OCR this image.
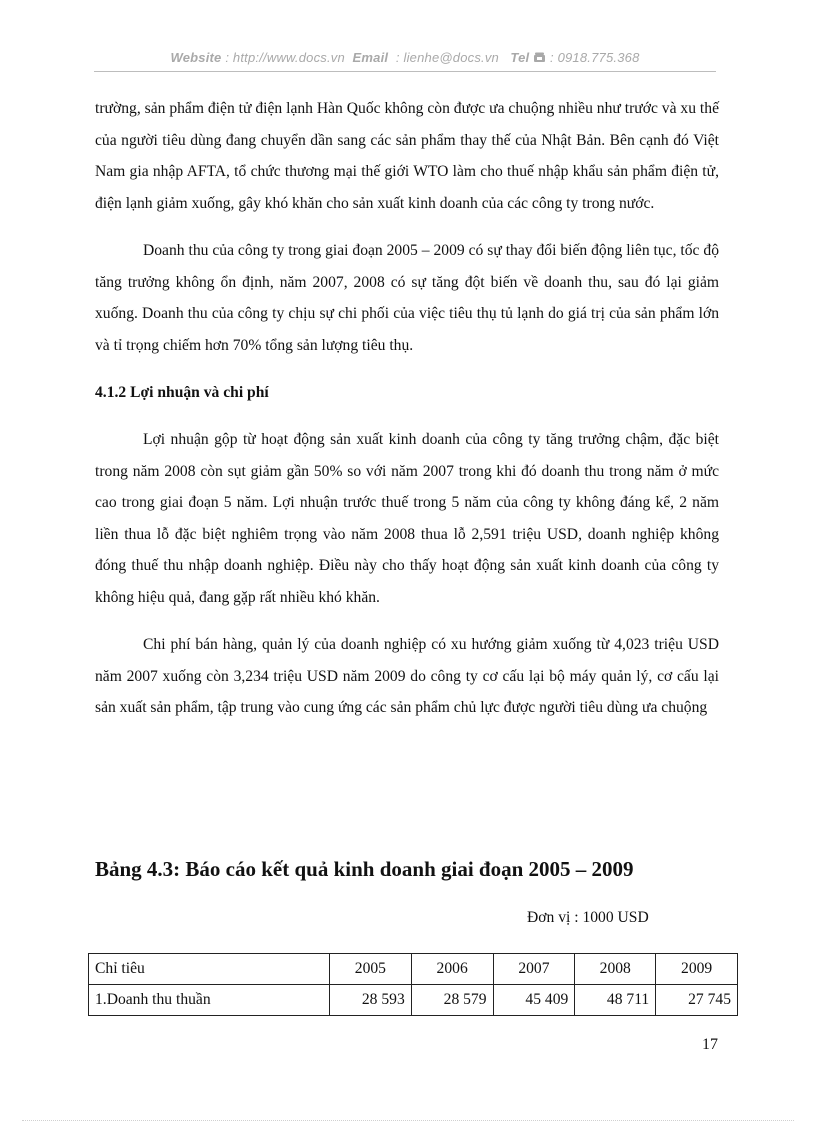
Website : http://www.docs.vn Email : lienhe@docs.vn Tel : 0918.775.368

trường, sản phẩm điện tử điện lạnh Hàn Quốc không còn được ưa chuộng nhiều như trước và xu thế của người tiêu dùng đang chuyển dần sang các sản phẩm thay thế của Nhật Bản. Bên cạnh đó Việt Nam gia nhập AFTA, tổ chức thương mại thế giới WTO làm cho thuế nhập khẩu sản phẩm điện tử, điện lạnh giảm xuống, gây khó khăn cho sản xuất kinh doanh của các công ty trong nước.

Doanh thu của công ty trong giai đoạn 2005 – 2009 có sự thay đổi biến động liên tục, tốc độ tăng trưởng không ổn định, năm 2007, 2008 có sự tăng đột biến về doanh thu, sau đó lại giảm xuống. Doanh thu của công ty chịu sự chi phối của việc tiêu thụ tủ lạnh do giá trị của sản phẩm lớn và tỉ trọng chiếm hơn 70% tổng sản lượng tiêu thụ.

4.1.2 Lợi nhuận và chi phí

Lợi nhuận gộp từ hoạt động sản xuất kinh doanh của công ty tăng trưởng chậm, đặc biệt trong năm 2008 còn sụt giảm gần 50% so với năm 2007 trong khi đó doanh thu trong năm ở mức cao trong giai đoạn 5 năm. Lợi nhuận trước thuế trong 5 năm của công ty không đáng kể, 2 năm liền thua lỗ đặc biệt nghiêm trọng vào năm 2008 thua lỗ 2,591 triệu USD, doanh nghiệp không đóng thuế thu nhập doanh nghiệp. Điều này cho thấy hoạt động sản xuất kinh doanh của công ty không hiệu quả, đang gặp rất nhiều khó khăn.

Chi phí bán hàng, quản lý của doanh nghiệp có xu hướng giảm xuống từ 4,023 triệu USD năm 2007 xuống còn 3,234 triệu USD năm 2009 do công ty cơ cấu lại bộ máy quản lý, cơ cấu lại sản xuất sản phẩm, tập trung vào cung ứng các sản phẩm chủ lực được người tiêu dùng ưa chuộng

Bảng 4.3: Báo cáo kết quả kinh doanh giai đoạn 2005 – 2009

Đơn vị : 1000 USD
Chỉ tiêu	2005	2006	2007	2008	2009
1.Doanh thu thuần	28 593	28 579	45 409	48 711	27 745
17
